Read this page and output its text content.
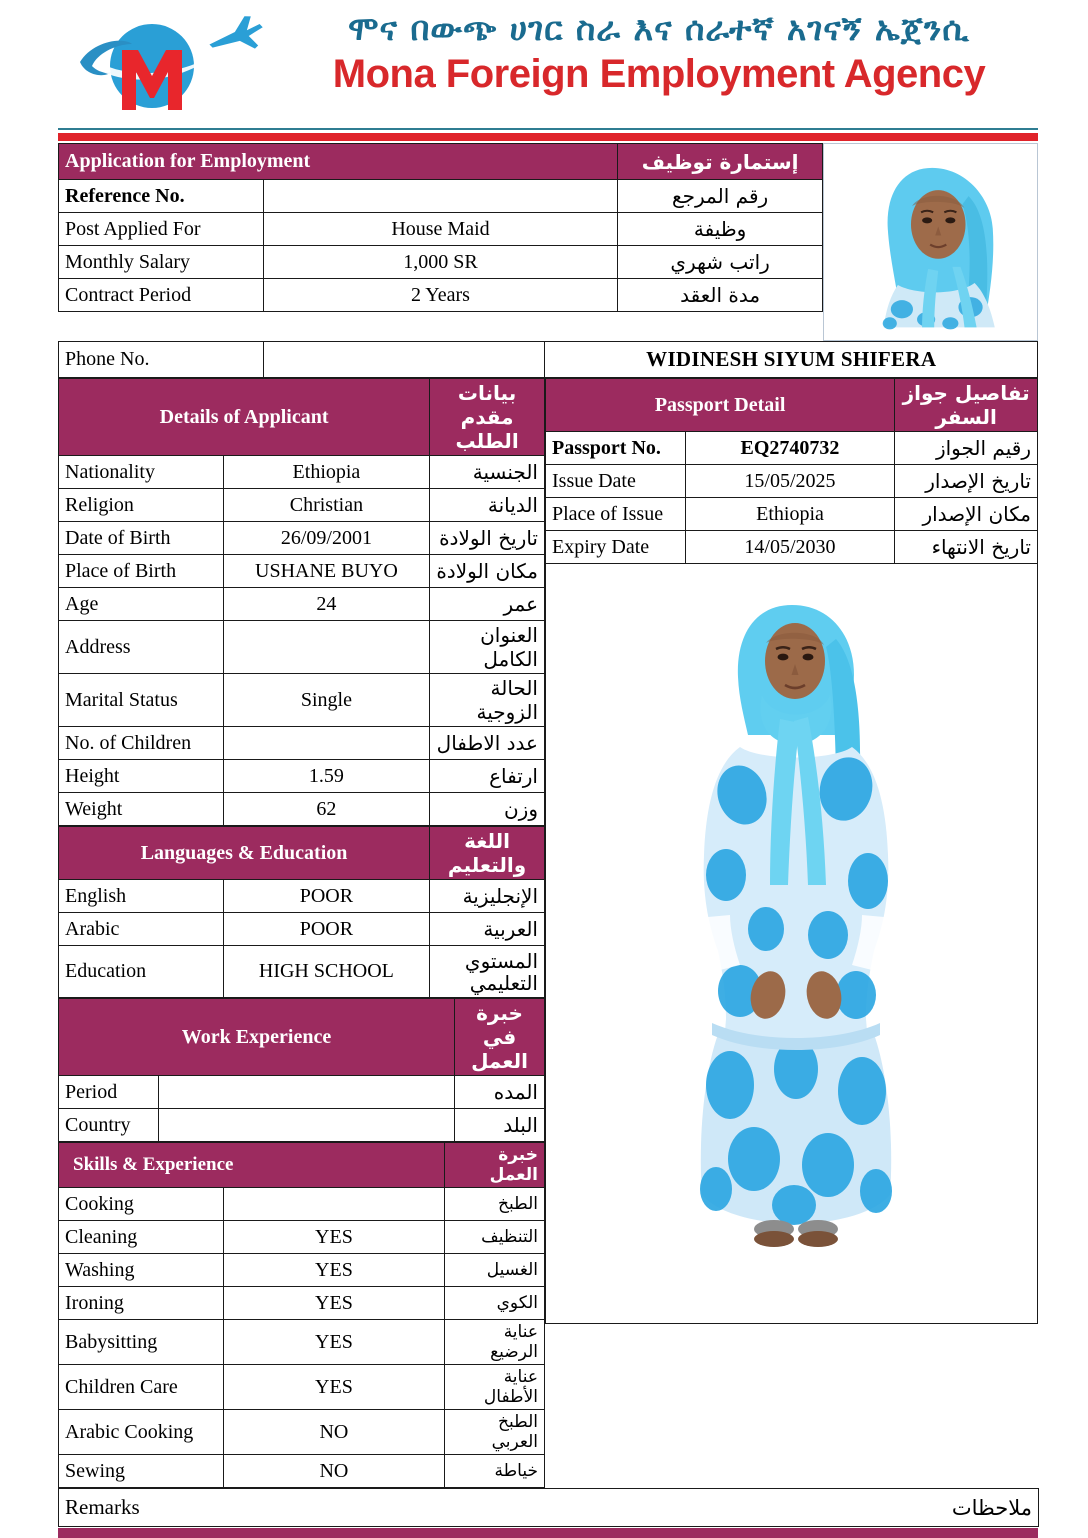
ሞና በውጭ ሀገር ስራ እና ሰራተኛ አገናኝ ኤጀንሲ
Mona Foreign Employment Agency
Application for Employment		إستمارة توظيف
Reference No.		رقم المرجع
Post Applied For	House Maid	وظيفة
Monthly Salary	1,000 SR	راتب شهري
Contract Period	2 Years	مدة العقد
Phone No.		WIDINESH SIYUM SHIFERA
Details of Applicant		بيانات مقدم الطلب
Nationality	Ethiopia	الجنسية
Religion	Christian	الديانة
Date of Birth	26/09/2001	تاريخ الولادة
Place of Birth	USHANE BUYO	مكان الولادة
Age	24	عمر
Address		العنوان الكامل
Marital Status	Single	الحالة الزوجية
No. of Children		عدد الاطفال
Height	1.59	ارتفاع
Weight	62	وزن
Languages & Education		اللغة والتعليم
English	POOR	الإنجليزية
Arabic	POOR	العربية
Education	HIGH SCHOOL	المستوي التعليمي
Work Experience		خبرة في العمل
Period		المده
Country		البلد
Skills & Experience		خبرة العمل
Cooking		الطبخ
Cleaning	YES	التنظيف
Washing	YES	الغسيل
Ironing	YES	الكوي
Babysitting	YES	عناية الرضيع
Children Care	YES	عناية الأطفال
Arabic Cooking	NO	الطبخ العربي
Sewing	NO	خياطة
Passport Detail		تفاصيل جواز السفر
Passport No.	EQ2740732	رقيم الجواز
Issue Date	15/05/2025	تاريخ الإصدار
Place of Issue	Ethiopia	مكان الإصدار
Expiry Date	14/05/2030	تاريخ الانتهاء
Remarks		ملاحظات
